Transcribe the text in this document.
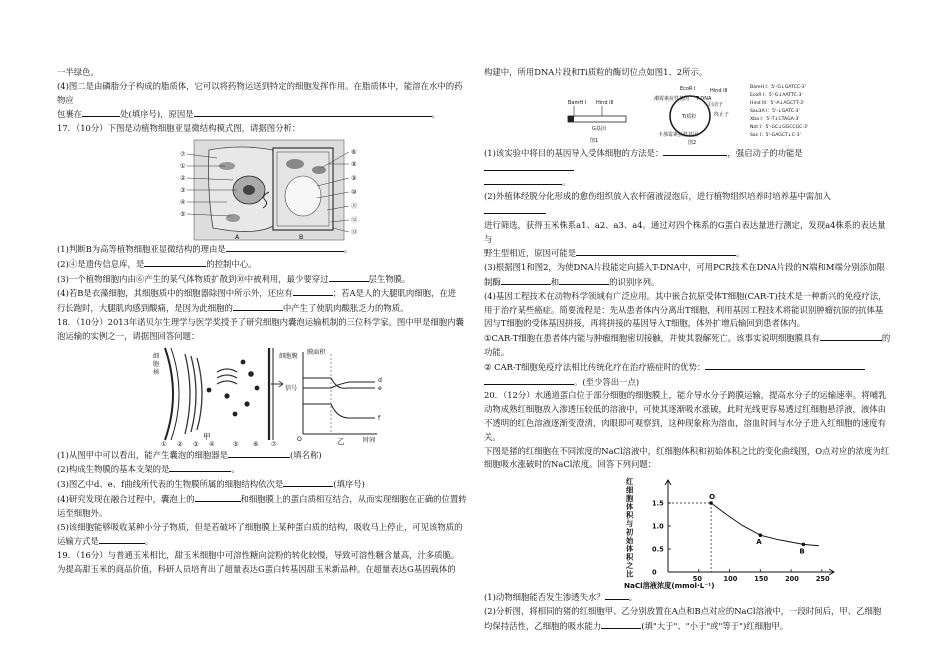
一半绿色。

(4)图二是由磷脂分子构成的脂质体，它可以将药物运送到特定的细胞发挥作用。在脂质体中，能溶在水中的药物应

包裹在	处(填序号)，原因是	。

17．（10分）下图是动植物细胞亚显微结构模式图，请据图分析：

⑦
①
②
③
④
⑤
⑥
⑧
⑨
⑩
⑪
⑫
⑬
A	B

(1)判断B为高等植物细胞亚显微结构的理由是	。

(2)④是遗传信息库，是	的控制中心。

(3)一个植物细胞内由⑥产生的某气体物质扩散到⑩中被利用，最少要穿过	层生物膜。

(4)若B是衣藻细胞，其细胞质中的细胞器除图中所示外，还应有	；若A是人的大腿肌肉细胞，在进

行长跑时，大腿肌肉感到酸痛，是因为此细胞的	中产生了使肌肉酸胀乏力的物质。

18．（10分）2013年诺贝尔生理学与医学奖授予了研究细胞内囊泡运输机制的三位科学家。图中甲是细胞内囊

泡运输的实例之一，请据图回答问题：

细胞核
细胞膜
信号
① ② ③ ④	⑤ ⑥ ⑦
膜面积
O	时间
乙
d
e
f

甲

(1)从图甲中可以看出，能产生囊泡的细胞器是	(填名称)

(2)构成生物膜的基本支架的是	。

(3)图乙中d、e、f曲线所代表的生物膜所属的细胞结构依次是	(填序号)

(4)研究发现在融合过程中，囊泡上的	和细胞膜上的蛋白质相互结合，从而实现细胞在正确的位置转

运至细胞外。

(5)该细胞能够吸收某种小分子物质，但是若破坏了细胞膜上某种蛋白质的结构，吸收马上停止，可见该物质的

运输方式是	。

19．（16分）与普通玉米相比，甜玉米细胞中可溶性糖向淀粉的转化较慢，导致可溶性糖含量高，汁多质脆。

为提高甜玉米的商品价值，科研人员培育出了超量表达G蛋白转基因甜玉米新品种。在超量表达G基因载体的

构建中，所用DNA片段和Ti质粒的酶切位点如图1、2所示。

BamH I Hind III
G基因
图1
Ti质粒
EcoR I	Hind III
T-DNA
潮霉素抗性基因
终止子
启动子
卡那霉素抗性基因
图2
BamH I：5'-G↓GATCC-3'
EcoR I：5'-G↓AATTC-3'
Hind III：5'-A↓AGCTT-3'
Sau3A I：5'-↓GATC-3'
Xba I：5'-T↓CTAGA-3'
Not I：5'-GC↓GGCCGC-3'
Sac I：5'-GAGCT↓C-3'

(1)该实验中将目的基因导入受体细胞的方法是：	，强启动子的功能是

。

(2)外植体经脱分化形成的愈伤组织放入农杆菌液浸泡后，进行植物组织培养时培养基中需加入

进行筛选，获得玉米株系a1、a2、a3、a4。通过对四个株系的G蛋白表达量进行测定，发现a4株系的表达量与

野生型相近，原因可能是	。

(3)根据图1和图2，为使DNA片段能定向插入T-DNA中，可用PCR技术在DNA片段的N端和M端分别添加限

制酶	和	的识别序列。

(4)基因工程技术在动物科学领域有广泛应用。其中嵌合抗原受体T细胞(CAR-T)技术是一种新兴的免疫疗法，

用于治疗某些癌症。简要流程是：先从患者体内分离出T细胞，利用基因工程技术将能识别肿瘤抗原的抗体基

因与T细胞的受体基因拼接，再将拼接的基因导入T细胞，体外扩增后输回到患者体内。

①CAR-T细胞在患者体内能与肿瘤细胞密切接触，并使其裂解死亡。该事实说明细胞膜具有	的

功能。

② CAR-T细胞免疫疗法相比传统化疗在治疗癌症时的优势：

。(至少答出一点)

20．（12分）水通道蛋白位于部分细胞的细胞膜上，能介导水分子跨膜运输，提高水分子的运输速率。将哺乳

动物成熟红细胞放入渗透压较低的溶液中，可使其逐渐吸水涨破，此时光线更容易透过红细胞悬浮液，液体由

不透明的红色溶液逐渐变澄清，肉眼即可观察到，这种现象称为溶血，溶血时间与水分子进入红细胞的速度有关。

下图是猪的红细胞在不同浓度的NaCl溶液中，红细胞体积和初始体积之比的变化曲线图，O点对应的浓度为红

细胞吸水涨破时的NaCl浓度。回答下列问题：

红
细
胞
体
积
与
初
始
体
积
之
比
50	100	150	200	250
0
0.5
1.0
1.5
O
A
B
NaCl溶液浓度(mmol·L⁻¹)

(1)动物细胞能否发生渗透失水？	。

(2)分析图，将相同的猪的红细胞甲、乙分别放置在A点和B点对应的NaCl溶液中，一段时间后，甲、乙细胞

均保持活性，乙细胞的吸水能力	(填"大于"、"小于"或"等于")红细胞甲。
